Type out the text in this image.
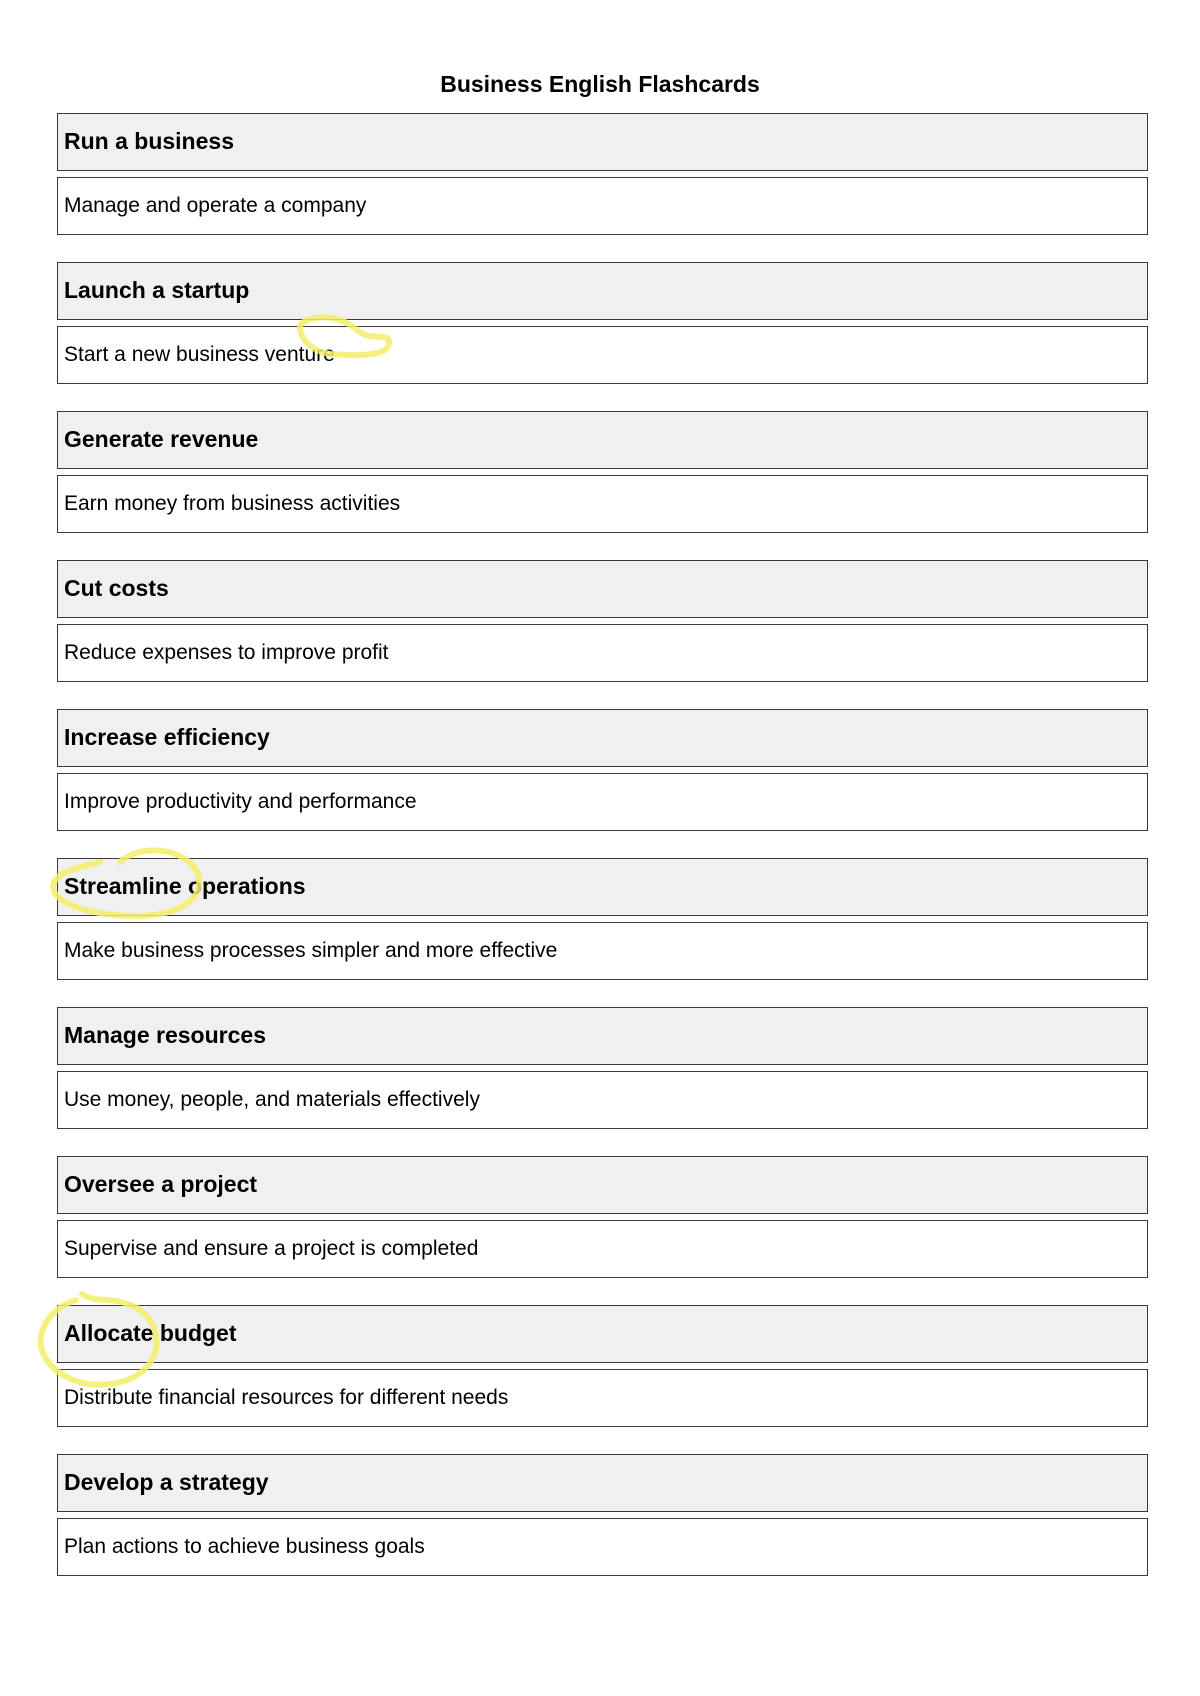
Business English Flashcards
Run a business
Manage and operate a company
Launch a startup
Start a new business venture
Generate revenue
Earn money from business activities
Cut costs
Reduce expenses to improve profit
Increase efficiency
Improve productivity and performance
Streamline operations
Make business processes simpler and more effective
Manage resources
Use money, people, and materials effectively
Oversee a project
Supervise and ensure a project is completed
Allocate budget
Distribute financial resources for different needs
Develop a strategy
Plan actions to achieve business goals
